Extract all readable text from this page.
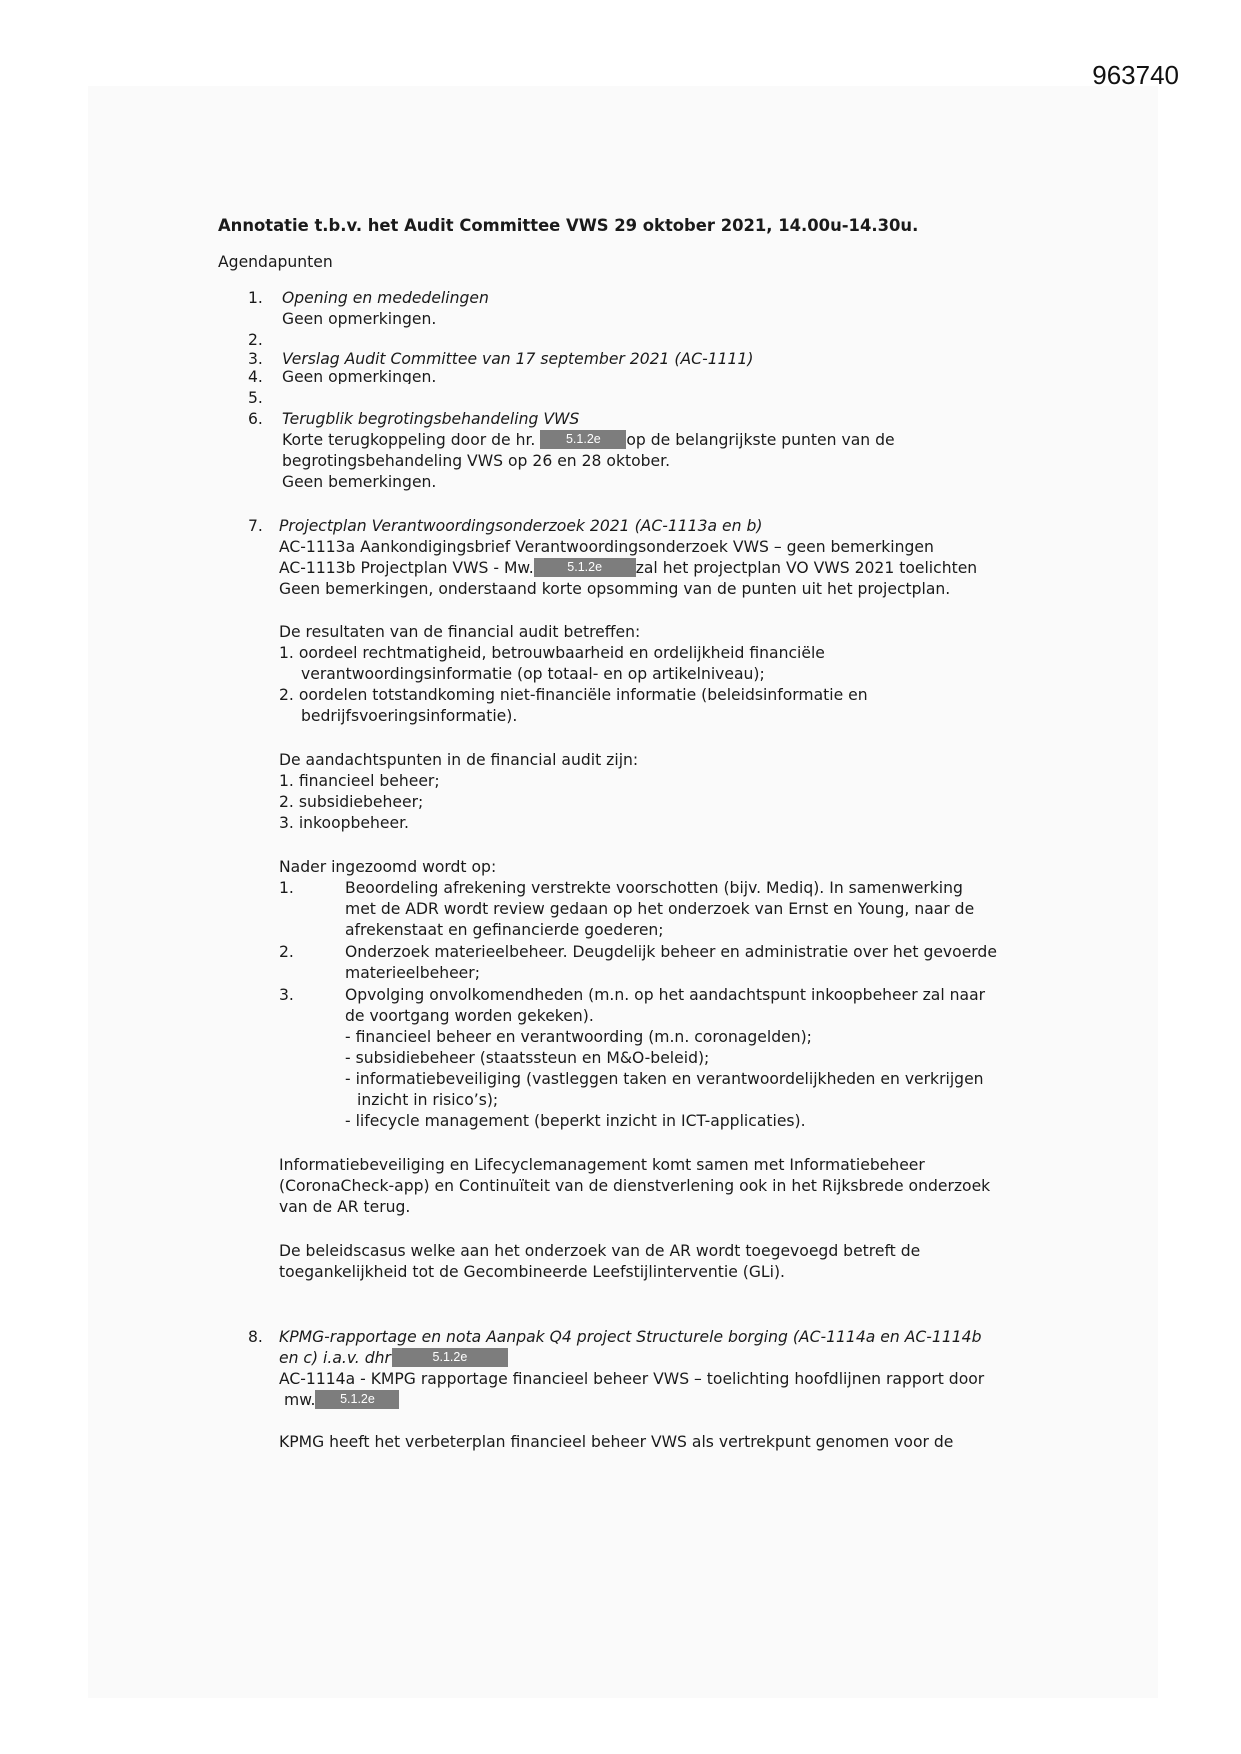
963740
Annotatie t.b.v. het Audit Committee VWS 29 oktober 2021, 14.00u-14.30u.
Agendapunten
1. Opening en mededelingen
Geen opmerkingen.
2.
3. Verslag Audit Committee van 17 september 2021 (AC-1111)
4. Geen opmerkingen.
5.
6. Terugblik begrotingsbehandeling VWS
Korte terugkoppeling door de hr. 5.1.2e op de belangrijkste punten van de
begrotingsbehandeling VWS op 26 en 28 oktober.
Geen bemerkingen.
7. Projectplan Verantwoordingsonderzoek 2021 (AC-1113a en b)
AC-1113a Aankondigingsbrief Verantwoordingsonderzoek VWS – geen bemerkingen
AC-1113b Projectplan VWS - Mw.	5.1.2e zal het projectplan VO VWS 2021 toelichten
Geen bemerkingen, onderstaand korte opsomming van de punten uit het projectplan.
De resultaten van de financial audit betreffen:
1. oordeel rechtmatigheid, betrouwbaarheid en ordelijkheid financiële
verantwoordingsinformatie (op totaal- en op artikelniveau);
2. oordelen totstandkoming niet-financiële informatie (beleidsinformatie en
bedrijfsvoeringsinformatie).
De aandachtspunten in de financial audit zijn:
1. financieel beheer;
2. subsidiebeheer;
3. inkoopbeheer.
Nader ingezoomd wordt op:
1.	Beoordeling afrekening verstrekte voorschotten (bijv. Mediq). In samenwerking
met de ADR wordt review gedaan op het onderzoek van Ernst en Young, naar de
afrekenstaat en gefinancierde goederen;
2.	Onderzoek materieelbeheer. Deugdelijk beheer en administratie over het gevoerde
materieelbeheer;
3.	Opvolging onvolkomendheden (m.n. op het aandachtspunt inkoopbeheer zal naar
de voortgang worden gekeken).
- financieel beheer en verantwoording (m.n. coronagelden);
- subsidiebeheer (staatssteun en M&O-beleid);
- informatiebeveiliging (vastleggen taken en verantwoordelijkheden en verkrijgen
inzicht in risico’s);
- lifecycle management (beperkt inzicht in ICT-applicaties).
Informatiebeveiliging en Lifecyclemanagement komt samen met Informatiebeheer
(CoronaCheck-app) en Continuïteit van de dienstverlening ook in het Rijksbrede onderzoek
van de AR terug.
De beleidscasus welke aan het onderzoek van de AR wordt toegevoegd betreft de
toegankelijkheid tot de Gecombineerde Leefstijlinterventie (GLi).
8. KPMG-rapportage en nota Aanpak Q4 project Structurele borging (AC-1114a en AC-1114b
en c) i.a.v. dhr	5.1.2e
AC-1114a - KMPG rapportage financieel beheer VWS – toelichting hoofdlijnen rapport door
mw. 5.1.2e
KPMG heeft het verbeterplan financieel beheer VWS als vertrekpunt genomen voor de
